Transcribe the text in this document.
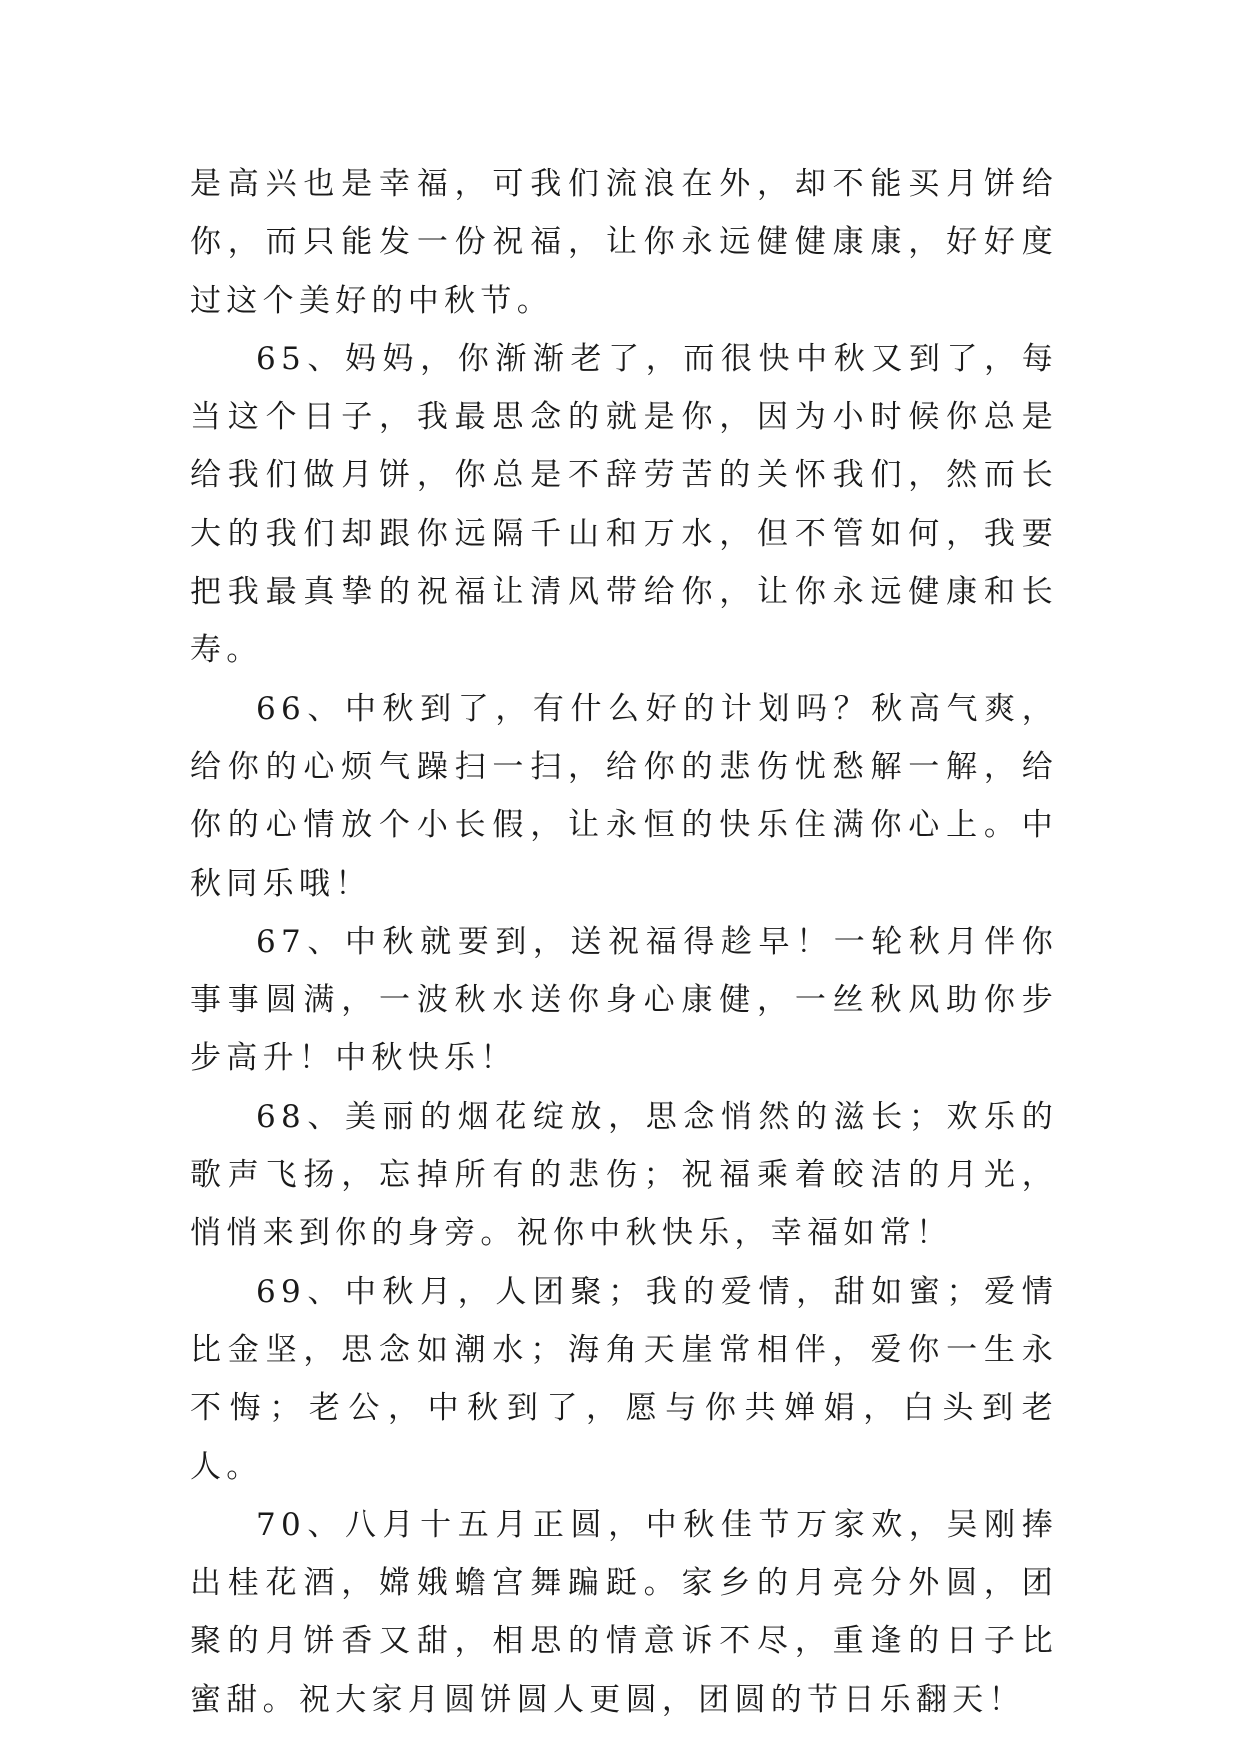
是高兴也是幸福，可我们流浪在外，却不能买月饼给你，而只能发一份祝福，让你永远健健康康，好好度过这个美好的中秋节。

65、妈妈，你渐渐老了，而很快中秋又到了，每当这个日子，我最思念的就是你，因为小时候你总是给我们做月饼，你总是不辞劳苦的关怀我们，然而长大的我们却跟你远隔千山和万水，但不管如何，我要把我最真挚的祝福让清风带给你，让你永远健康和长寿。

66、中秋到了，有什么好的计划吗？秋高气爽，给你的心烦气躁扫一扫，给你的悲伤忧愁解一解，给你的心情放个小长假，让永恒的快乐住满你心上。中秋同乐哦！

67、中秋就要到，送祝福得趁早！一轮秋月伴你事事圆满，一波秋水送你身心康健，一丝秋风助你步步高升！中秋快乐！

68、美丽的烟花绽放，思念悄然的滋长；欢乐的歌声飞扬，忘掉所有的悲伤；祝福乘着皎洁的月光，悄悄来到你的身旁。祝你中秋快乐，幸福如常！

69、中秋月，人团聚；我的爱情，甜如蜜；爱情比金坚，思念如潮水；海角天崖常相伴，爱你一生永不悔；老公，中秋到了，愿与你共婵娟，白头到老人。

70、八月十五月正圆，中秋佳节万家欢，吴刚捧出桂花酒，嫦娥蟾宫舞蹁跹。家乡的月亮分外圆，团聚的月饼香又甜，相思的情意诉不尽，重逢的日子比蜜甜。祝大家月圆饼圆人更圆，团圆的节日乐翻天！
